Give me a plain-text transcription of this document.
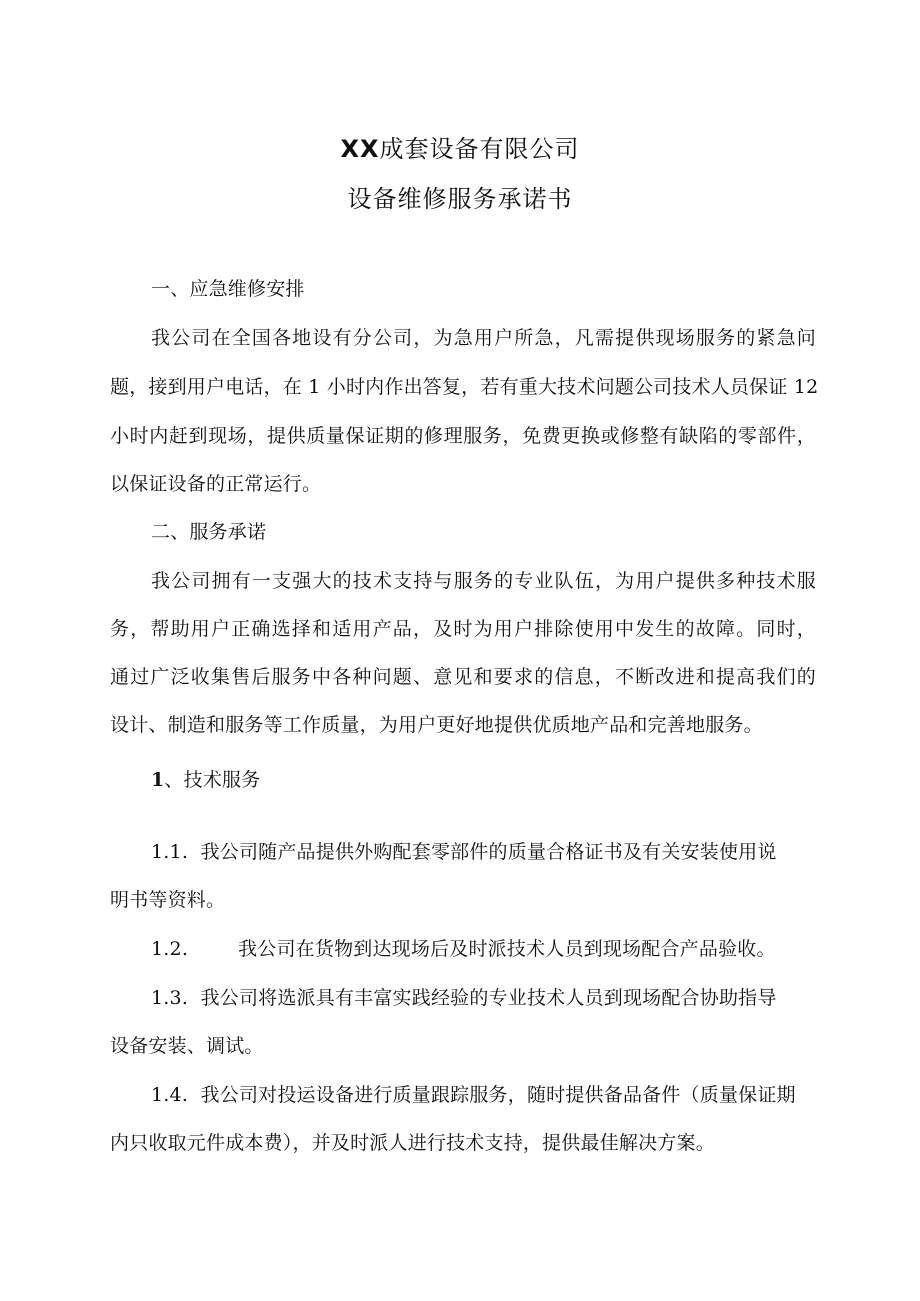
XX成套设备有限公司
设备维修服务承诺书
一、应急维修安排
我公司在全国各地设有分公司，为急用户所急，凡需提供现场服务的紧急问
题，接到用户电话，在 1 小时内作出答复，若有重大技术问题公司技术人员保证 12
小时内赶到现场，提供质量保证期的修理服务，免费更换或修整有缺陷的零部件，
以保证设备的正常运行。
二、服务承诺
我公司拥有一支强大的技术支持与服务的专业队伍，为用户提供多种技术服
务，帮助用户正确选择和适用产品，及时为用户排除使用中发生的故障。同时，
通过广泛收集售后服务中各种问题、意见和要求的信息，不断改进和提高我们的
设计、制造和服务等工作质量，为用户更好地提供优质地产品和完善地服务。
1、技术服务
1.1. 我公司随产品提供外购配套零部件的质量合格证书及有关安装使用说
明书等资料。
1.2.	我公司在货物到达现场后及时派技术人员到现场配合产品验收。
1.3. 我公司将选派具有丰富实践经验的专业技术人员到现场配合协助指导
设备安装、调试。
1.4. 我公司对投运设备进行质量跟踪服务，随时提供备品备件（质量保证期
内只收取元件成本费），并及时派人进行技术支持，提供最佳解决方案。
